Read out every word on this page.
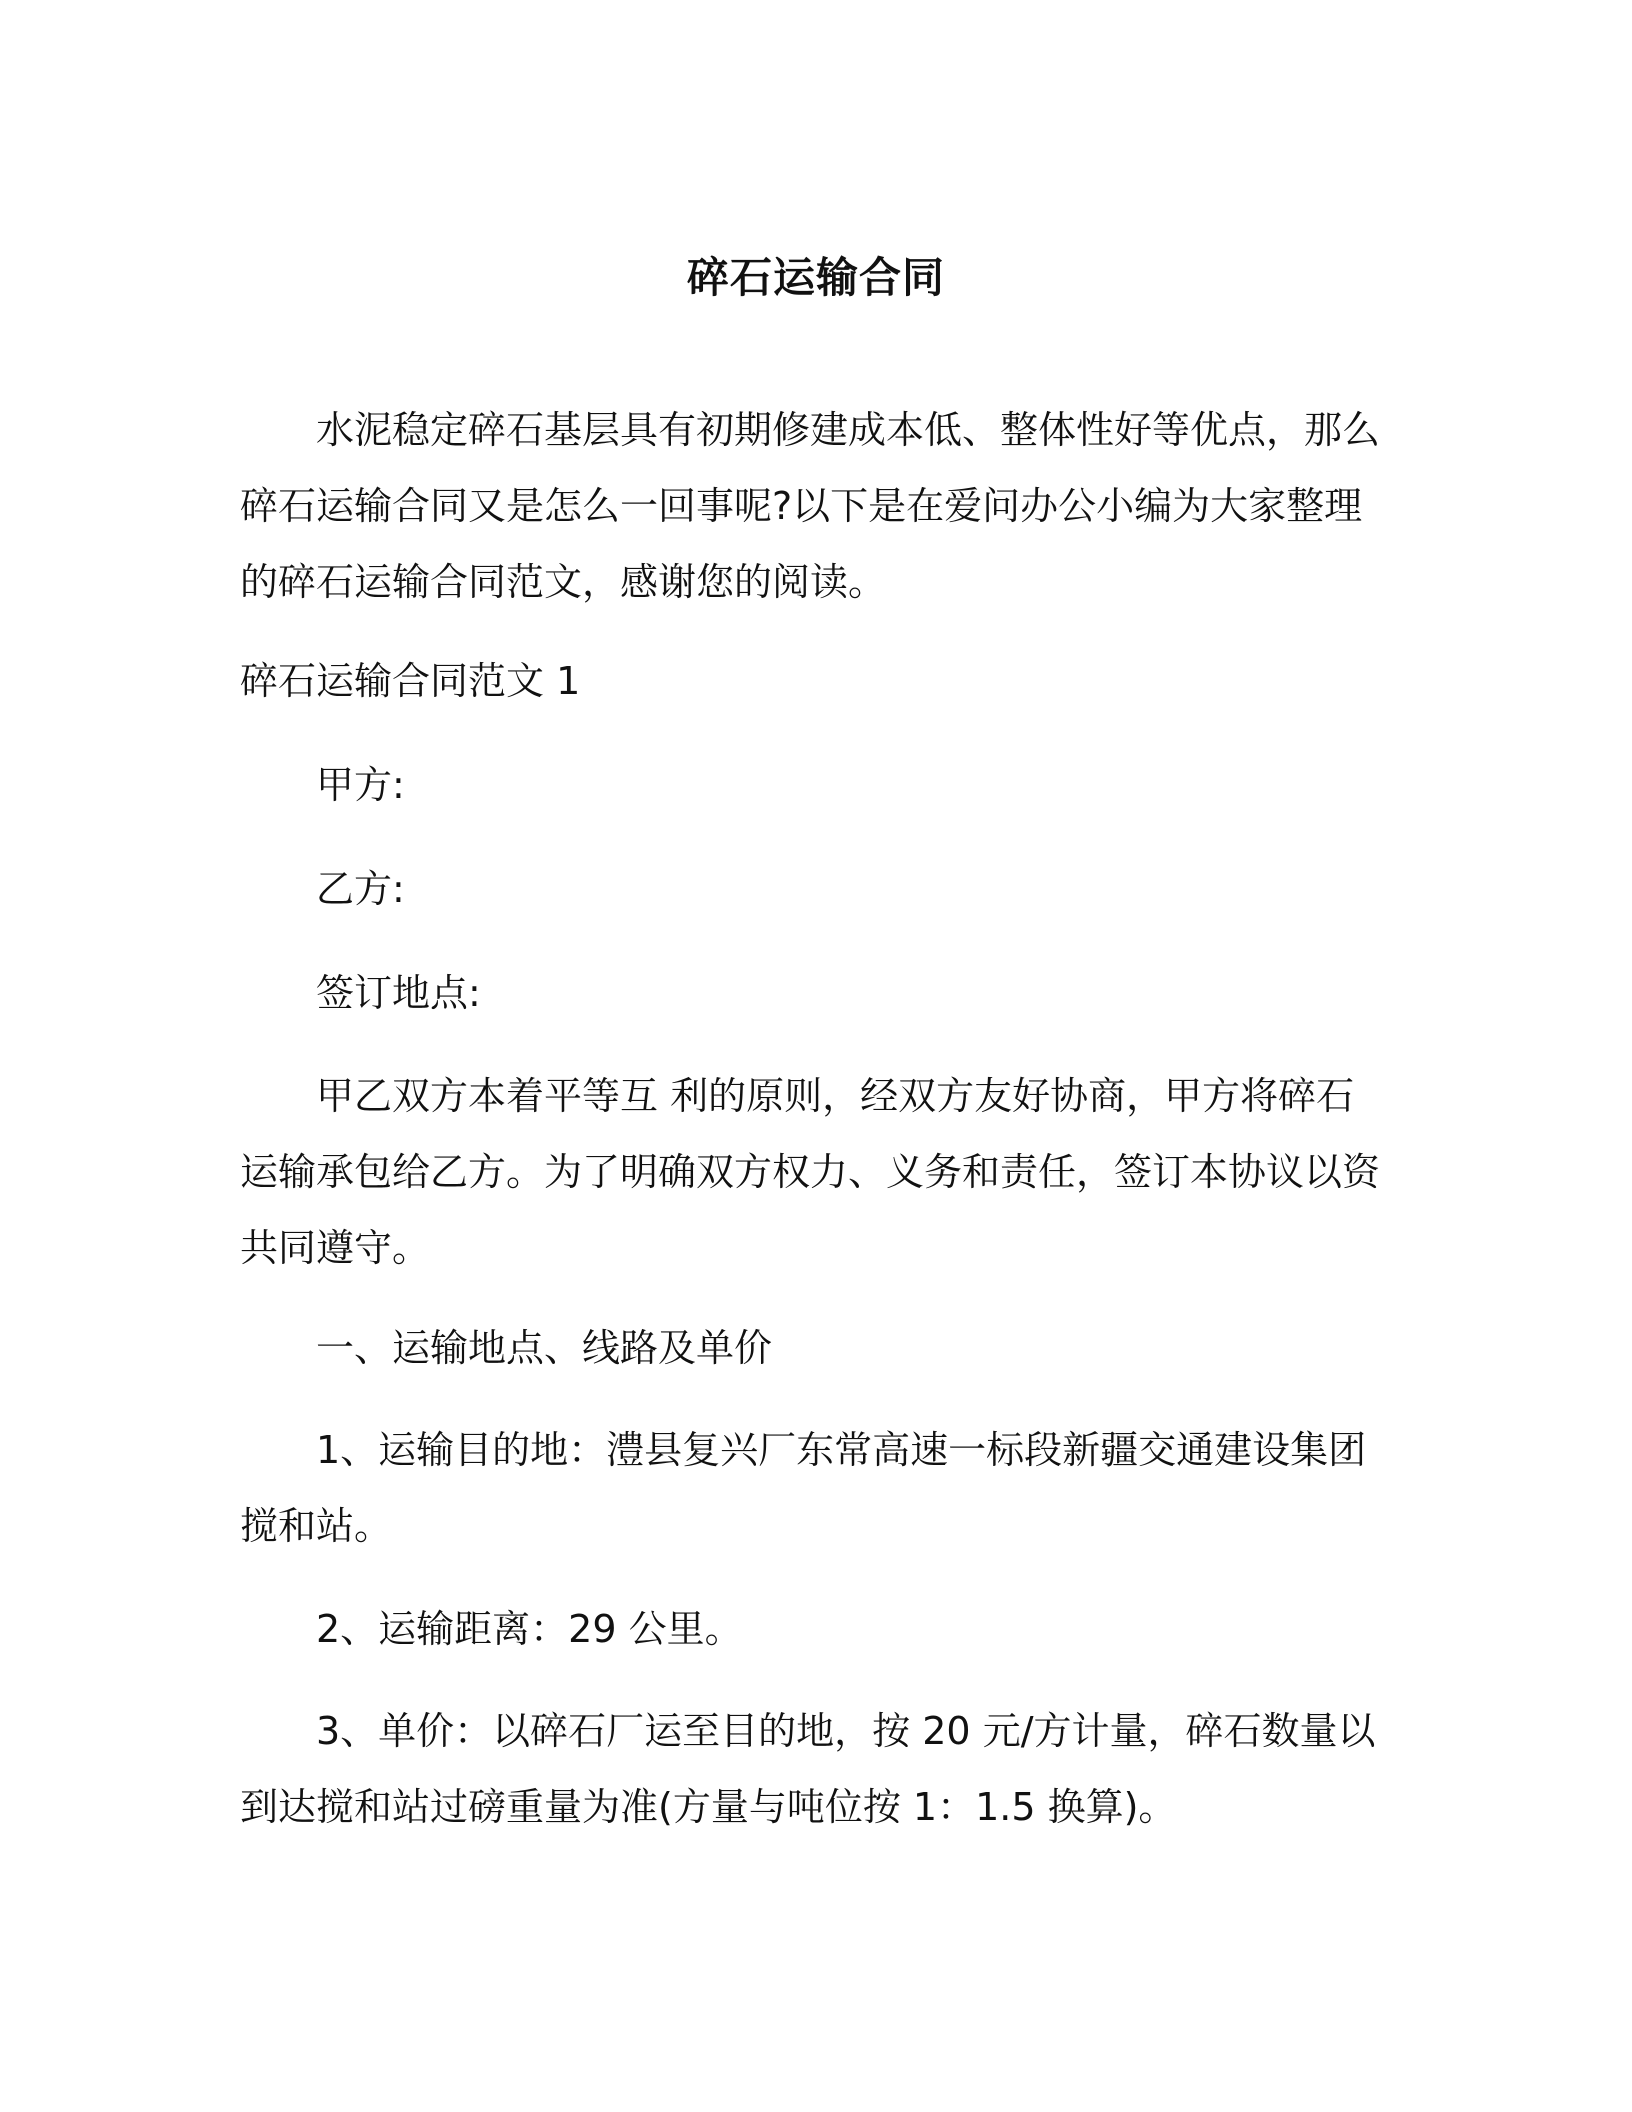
碎石运输合同

水泥稳定碎石基层具有初期修建成本低、整体性好等优点，那么碎石运输合同又是怎么一回事呢?以下是在爱问办公小编为大家整理的碎石运输合同范文，感谢您的阅读。

碎石运输合同范文 1

甲方:

乙方:

签订地点:

甲乙双方本着平等互 利的原则，经双方友好协商，甲方将碎石运输承包给乙方。为了明确双方权力、义务和责任，签订本协议以资共同遵守。

一、运输地点、线路及单价

1、运输目的地：澧县复兴厂东常高速一标段新疆交通建设集团搅和站。

2、运输距离：29 公里。

3、单价：以碎石厂运至目的地，按 20 元/方计量，碎石数量以到达搅和站过磅重量为准(方量与吨位按 1：1.5 换算)。
